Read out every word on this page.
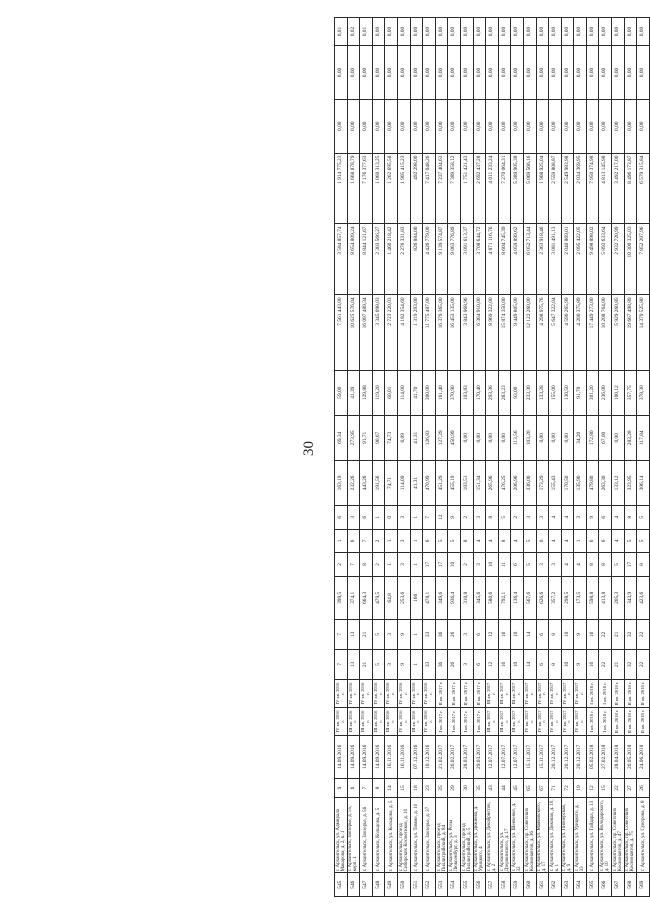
30
545	г. Архангельск, ул. Адмирала Макарова, д. 2, к. 1	9	14.09.2016	IV кв. 2016 г.	IV кв. 2016 г.	7	7	399,5	2	1	6	163,19	69,34	59,00	7 561 443,00	3 584 857,74	1 914 775,23	0,00	0,00	0,01
546	г. Архангельск, Заозерье, д. 55, корп. 1	6	14.09.2016	III кв. 2016 г.	IV кв. 2016 г.	13	13	374,1	7	6	3	232,26	273,95	41,39	10 625 576,04	8 654 809,24	1 668 878,79	0,00	0,00	0,02
547	г. Архангельск, Заозерье, д. 56	7	14.09.2016	III кв. 2016 г.	IV кв. 2016 г.	21	21	664,3	8	7	6	443,26	91,71	129,88	16 097 489,34	8 844 121,67	7 176 377,63	0,00	0,00	0,01
548	г. Архангельск, Кольцова, д. 5	8	14.09.2016	III кв. 2016 г.	IV кв. 2016 г.	5	5	479,5	2	2	1	191,56	90,67	119,20	3 345 098,03	2 303 566,27	1 060 313,25	0,00	0,00	0,00
549	г. Архангельск, ул. Кольцова, д. 5	14	16.11.2016	III кв. 2016 г.	IV кв. 2016 г.	3	3	64,8	1	1	0	74,71	74,73	60,01	2 723 220,03	1 460 218,42	1 262 695,58	0,00	0,00	0,00
550	г. Архангельск, проезд Сибирских Косметиков, д. 10	15	16.11.2016	IV кв. 2016 г.	IV кв. 2016 г.	9	9	253,6	3	3	3	114,09	6,09	114,00	4 182 354,60	2 276 331,83	1 905 415,23	0,00	0,00	0,00
551	г. Архангельск, ул. Тимме, д. 10	18	07.12.2016	III кв. 2016 г.	IV кв. 2016 г.	1	1	166	1	1	1	41,31	41,31	41,70	1 319 293,00	826 884,00	492 298,00	0,00	0,00	0,00
552	г. Архангельск, Заозерье, д. 37	23	10.12.2016	IV кв. 2016 г.	IV кв. 2016 г.	33	33	478,1	17	6	7	470,99	126,83	300,00	11 775 487,00	4 426 779,00	7 417 048,26	0,00	0,00	0,00
553	г. Архангельск, проезд Пиллигрийский, д. 84	25	21.02.2017	I кв. 2017 г.	II кв. 2017 г.	36	36	349,6	17	5	12	451,29	127,29	161,40	16 379 365,00	9 139 574,87	7 237 404,63	0,00	0,00	0,00
554	г. Архангельск, ул. Розы Люксембург, д. 3	29	20.02.2017	I кв. 2017 г.	II кв. 2017 г.	26	26	936,4	10	5	9	455,19	450,99	370,90	16 453 135,00	9 063 776,89	7 389 358,12	0,00	0,00	0,00
555	г. Архангельск, проезд Пиллигрийский, д. 5	30	28.03.2017	I кв. 2017 г.	II кв. 2017 г.	3	3	310,8	2	8	2	103,51	0,00	103,83	3 843 968,96	3 091 613,37	1 751 421,43	0,00	0,00	0,00
556	г. Архангельск, ул. Дежнева, д. Урицкого, 4	35	29.03.2017	I кв. 2017 г.	II кв. 2017 г.	6	6	345,6	3	4	3	151,34	0,00	170,40	6 364 910,00	3 708 644,72	2 692 437,28	0,00	0,00	0,00
557	г. Архангельск, ул. Декабристов, д. 2	43	12.07.2017	III кв. 2017 г.	III кв. 2017 г.	12	12	580,6	10	4	8	265,96	0,00	293,36	8 969 322,00	4 871 116,76	4 011 233,24	0,00	0,00	0,00
558	г. Архангельск, ул. Дзержинского, д. 17	44	12.07.2017	III кв. 2017 г.	III кв. 2017 г.	16	16	792,1	11	8	5	476,25	0,00	263,23	15 874 350,00	8 604 745,39	7 270 064,31	0,00	0,00	0,00
559	г. Архангельск, ул. Шевченко, д. 32	45	12.07.2017	III кв. 2017 г.	III кв. 2017 г.	10	10	136,4	6	4	2	206,96	113,56	93,00	9 449 805,00	4 059 899,62	5 389 905,38	0,00	0,00	0,00
560	г. Архангельск, пр. Советских Космонавтов, д. 36	65	15.11.2017	IV кв. 2017 г.	IV кв. 2017 г.	14	14	567,6	5	5	3	336,00	103,20	233,30	12 122 260,00	6 052 713,44	5 069 566,16	0,00	0,00	0,00
561	г. Архангельск, ул. Маяковского, д. 17	67	15.11.2017	IV кв. 2017 г.	IV кв. 2017 г.	6	6	626,6	3	0	3	173,29	0,00	133,28	4 298 975,76	2 363 918,46	1 908 925,04	0,00	0,00	0,00
562	г. Архангельск, ул. Доковая, д. 10, к. 1	71	20.12.2017	IV кв. 2017 г.	IV кв. 2017 г.	8	8	357,2	3	4	4	155,43	0,00	155,00	5 647 322,04	3 081 491,13	2 559 808,87	0,00	0,00	0,00
563	г. Архангельск, ул. Пионерская, д. 9	72	20.12.2017	IV кв. 2017 г.	IV кв. 2017 г.	10	10	298,5	4	4	4	170,50	0,00	130,50	4 590 265,99	2 040 869,01	2 549 983,98	0,00	0,00	0,00
564	г. Архангельск, ул. Урицкого, д. 33	19	20.12.2017	IV кв. 2017 г.	IV кв. 2017 г.	9	9	173,5	4	1	3	135,90	34,20	91,70	4 200 375,89	2 095 422,05	2 034 369,95	0,00	0,00	0,00
565	г. Архангельск, ул. Гайдара, д. 13	12	05.02.2018	I кв. 2018 г.	I кв. 2018 г.	16	16	598,8	8	6	9	479,80	172,80	301,20	17 449 273,00	9 498 898,02	7 950 374,98	0,00	0,00	0,00
566	г. Архангельск, ул. Володарского, д. 10	15	27.02.2018	I кв. 2018 г.	I кв. 2018 г.	22	22	413,8	8	6	6	263,30	67,00	236,00	10 208 764,00	5 893 633,64	4 813 145,98	0,00	0,00	0,00
567	г. Архангельск, пр. Советских Космонавтов, д. 47	22	28.04.2018	II кв. 2018 г.	II кв. 2018 г.	21	21	205,3	5	4	4	133,12	0,00	100,12	5 929 260,85	2 932 720,99	3 492 217,00	0,00	0,00	0,00
568	г. Архангельск, пр. Советских Космонавтов, д. 75	27	20.05.2018	II кв. 2018 г.	II кв. 2018 г.	32	32	343,9	17	5	8	323,95	283,28	357,75	19 667 498,89	10 300 325,03	8 496 173,87	0,00	0,00	0,00
569	г. Архангельск, ул. Суворова, д. 8	26	24.06.2018	II кв. 2018 г.	II кв. 2018 г.	22	22	423,6	8	5	5	306,14	117,84	378,30	14 379 525,80	7 852 207,96	6 579 315,84	0,00	0,00	0,00
